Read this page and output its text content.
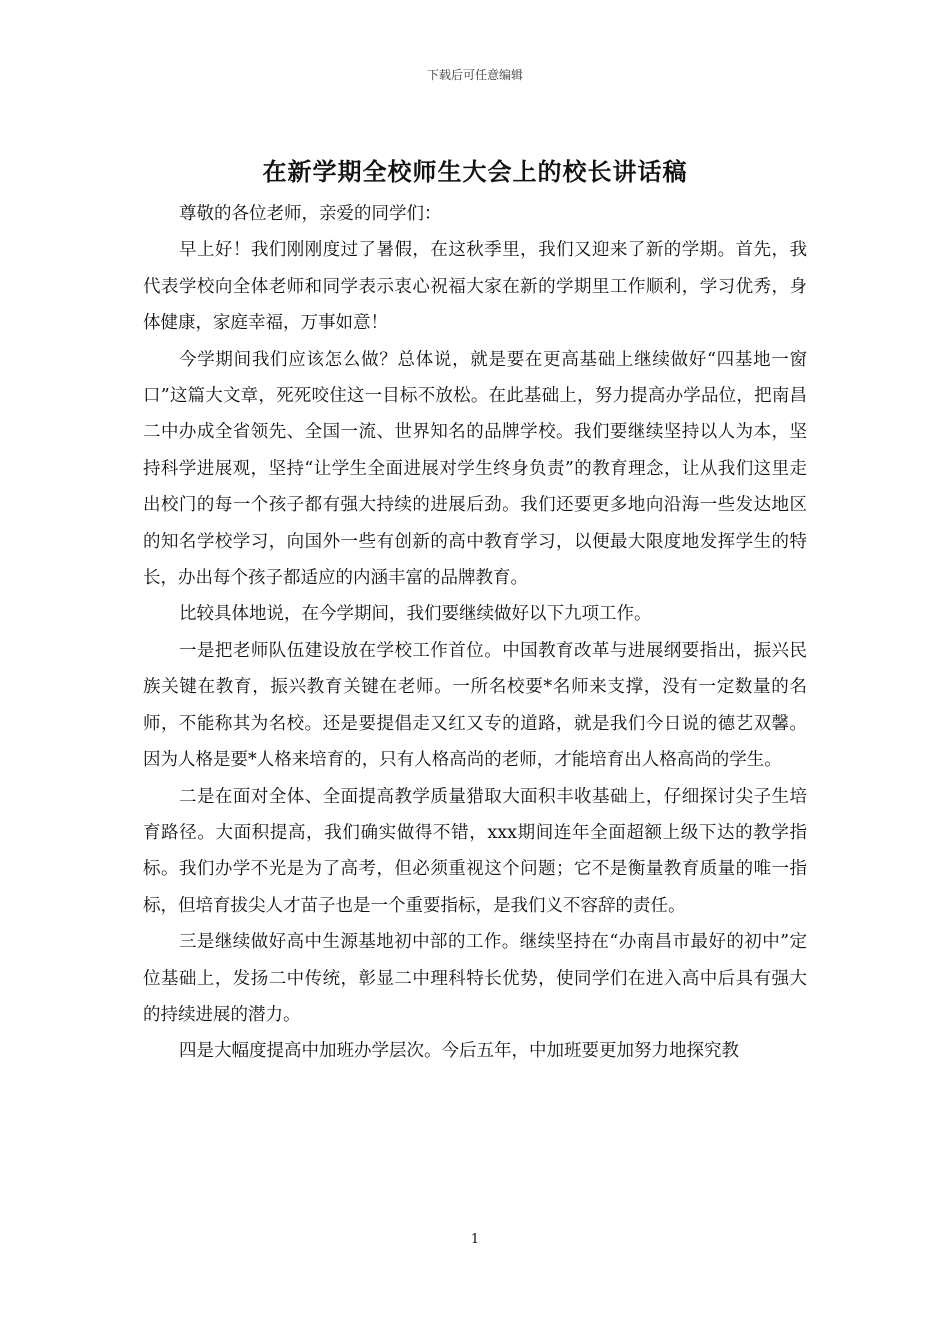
下载后可任意编辑
在新学期全校师生大会上的校长讲话稿

尊敬的各位老师，亲爱的同学们：

早上好！我们刚刚度过了暑假，在这秋季里，我们又迎来了新的学期。首先，我代表学校向全体老师和同学表示衷心祝福大家在新的学期里工作顺利，学习优秀，身体健康，家庭幸福，万事如意！

今学期间我们应该怎么做？总体说，就是要在更高基础上继续做好“四基地一窗口”这篇大文章，死死咬住这一目标不放松。在此基础上，努力提高办学品位，把南昌二中办成全省领先、全国一流、世界知名的品牌学校。我们要继续坚持以人为本，坚持科学进展观，坚持“让学生全面进展对学生终身负责”的教育理念，让从我们这里走出校门的每一个孩子都有强大持续的进展后劲。我们还要更多地向沿海一些发达地区的知名学校学习，向国外一些有创新的高中教育学习，以便最大限度地发挥学生的特长，办出每个孩子都适应的内涵丰富的品牌教育。

比较具体地说，在今学期间，我们要继续做好以下九项工作。

一是把老师队伍建设放在学校工作首位。中国教育改革与进展纲要指出，振兴民族关键在教育，振兴教育关键在老师。一所名校要*名师来支撑，没有一定数量的名师，不能称其为名校。还是要提倡走又红又专的道路，就是我们今日说的德艺双馨。因为人格是要*人格来培育的，只有人格高尚的老师，才能培育出人格高尚的学生。

二是在面对全体、全面提高教学质量猎取大面积丰收基础上，仔细探讨尖子生培育路径。大面积提高，我们确实做得不错，xxx期间连年全面超额上级下达的教学指标。我们办学不光是为了高考，但必须重视这个问题；它不是衡量教育质量的唯一指标，但培育拔尖人才苗子也是一个重要指标，是我们义不容辞的责任。

三是继续做好高中生源基地初中部的工作。继续坚持在“办南昌市最好的初中”定位基础上，发扬二中传统，彰显二中理科特长优势，使同学们在进入高中后具有强大的持续进展的潜力。

四是大幅度提高中加班办学层次。今后五年，中加班要更加努力地探究教

1
